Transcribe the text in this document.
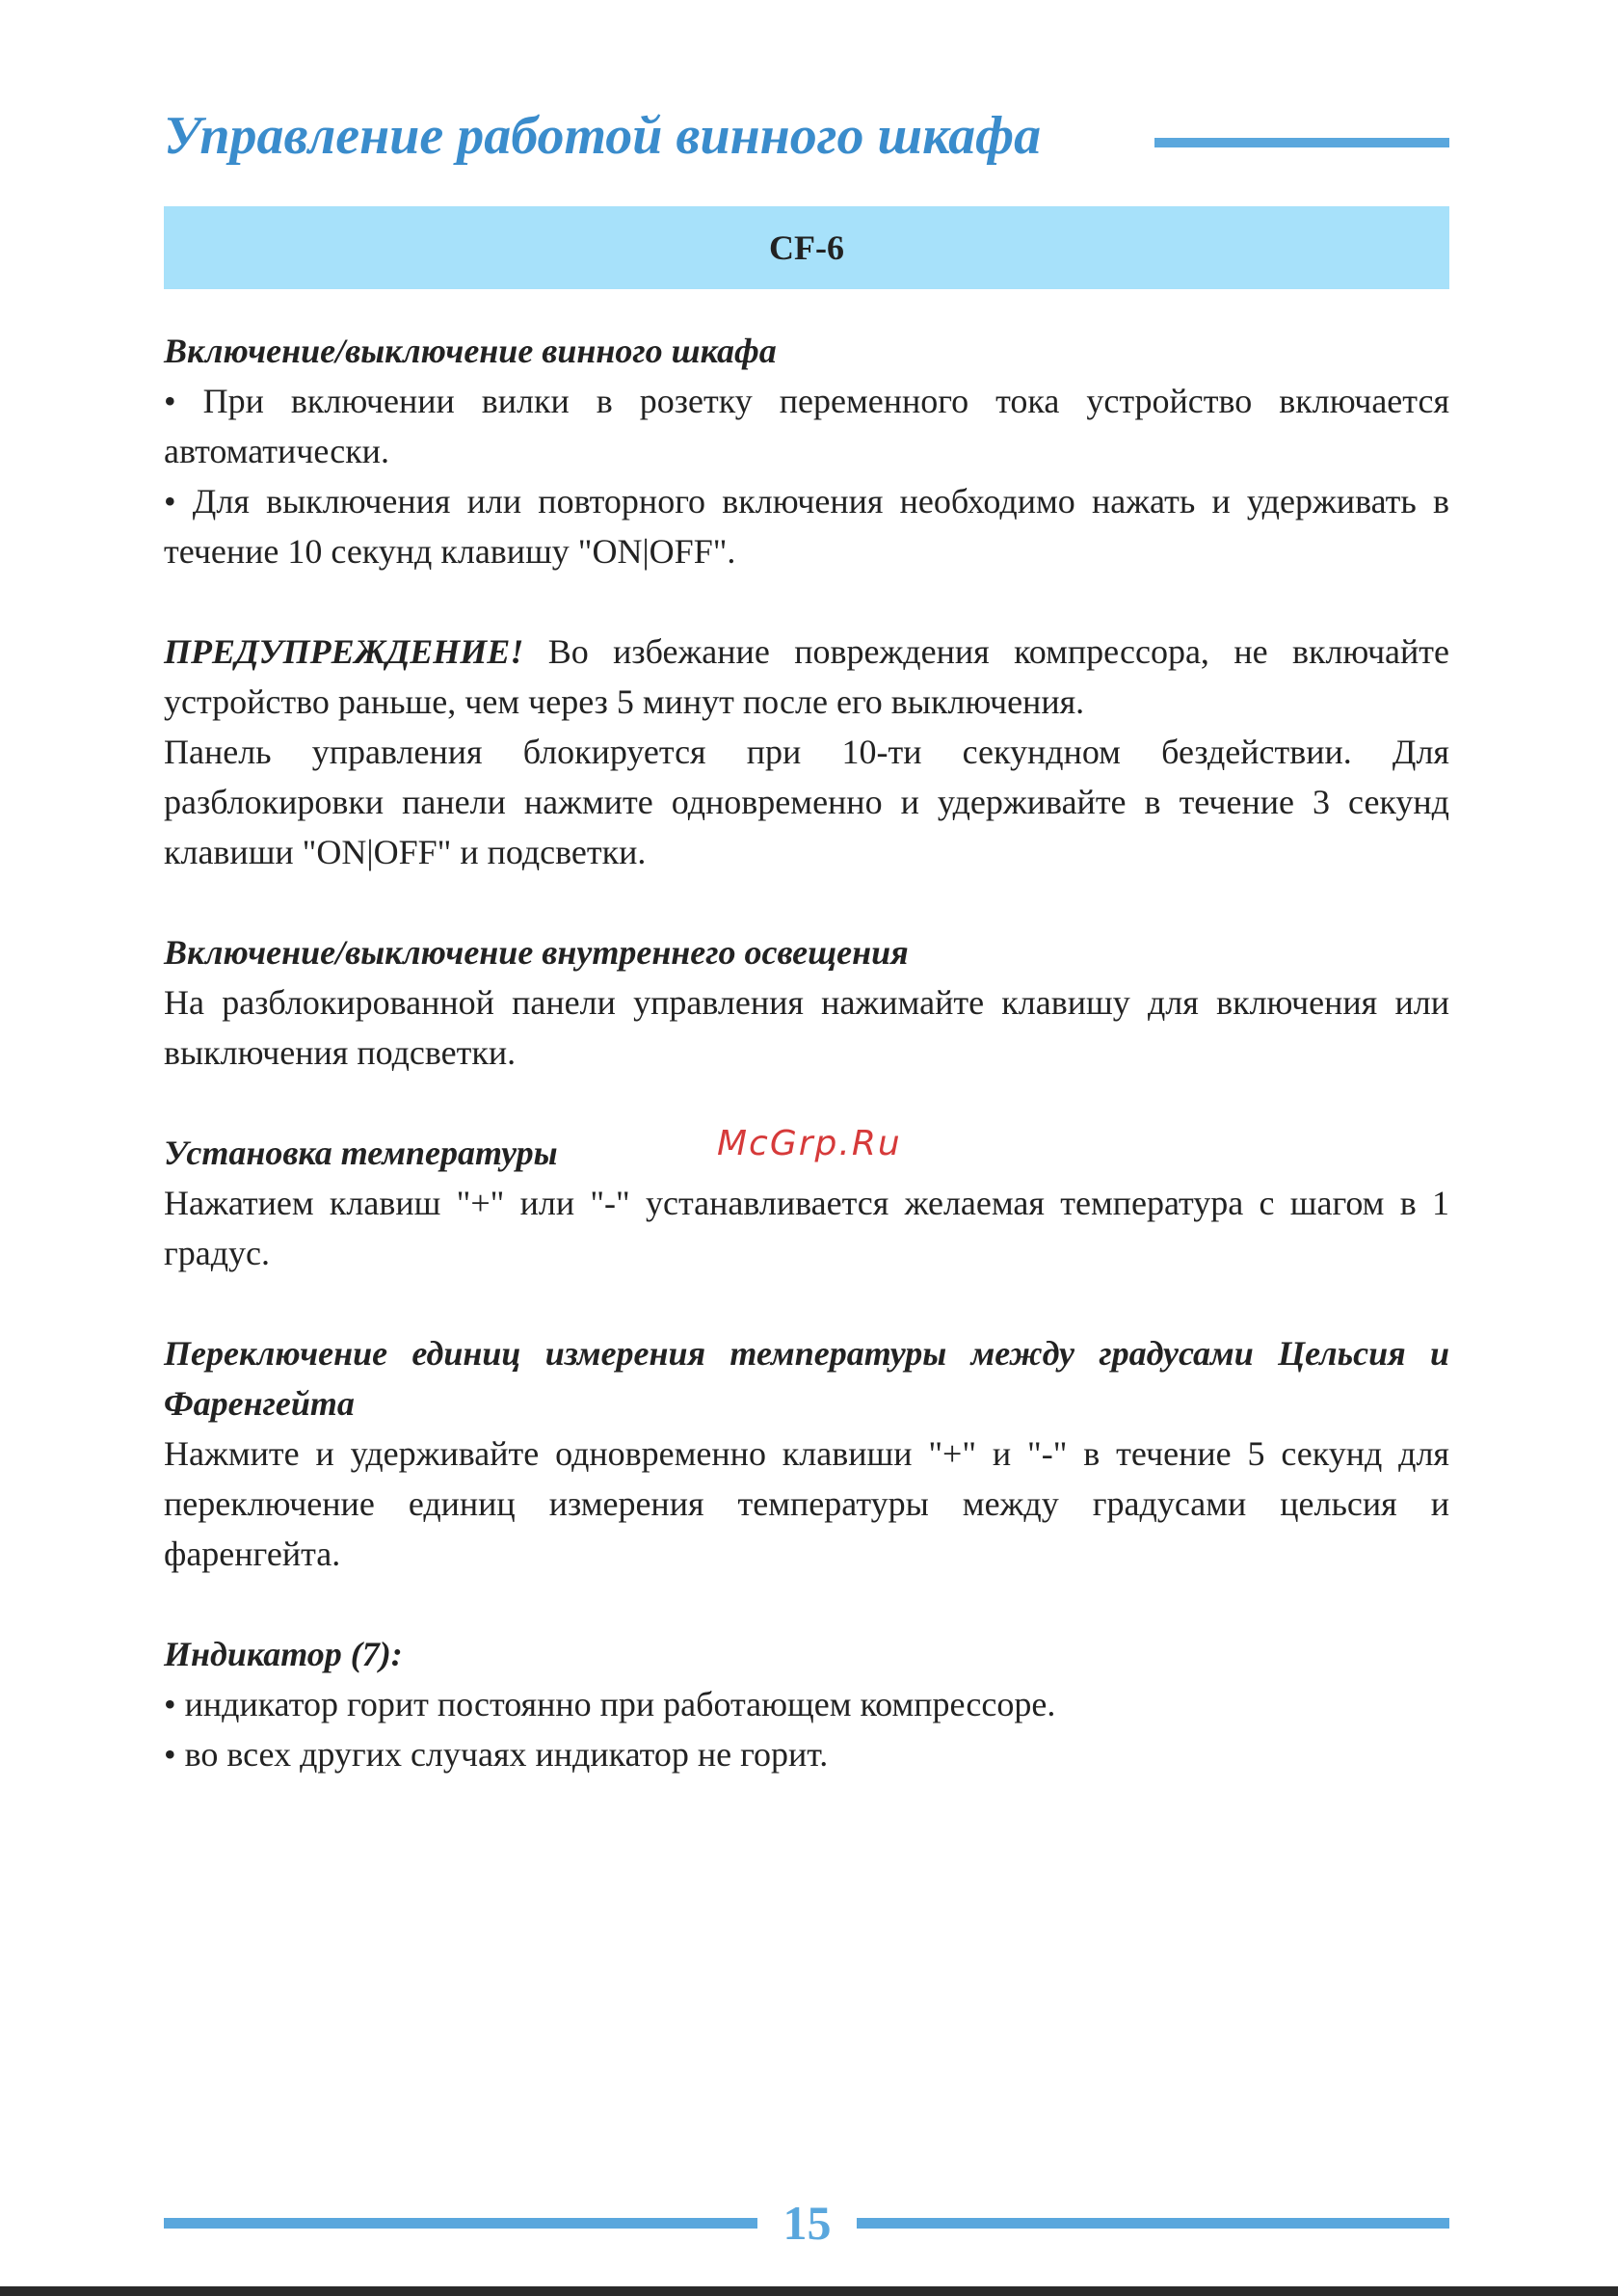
Управление работой винного шкафа
CF-6

Включение/выключение винного шкафа

• При включении вилки в розетку переменного тока устройство включается автоматически.

• Для выключения или повторного включения необходимо нажать и удерживать в течение 10 секунд клавишу "ON|OFF".

ПРЕДУПРЕЖДЕНИЕ! Во избежание повреждения компрессора, не включайте устройство раньше, чем через 5 минут после его выключения.

Панель управления блокируется при 10-ти секундном бездействии. Для разблокировки панели нажмите одновременно и удерживайте в течение 3 секунд клавиши "ON|OFF" и подсветки.

Включение/выключение внутреннего освещения

На разблокированной панели управления нажимайте клавишу для включения или выключения подсветки.

Установка температуры

Нажатием клавиш "+" или "-" устанавливается желаемая температура с шагом в 1 градус.

Переключение единиц измерения температуры между градусами Цельсия и Фаренгейта

Нажмите и удерживайте одновременно клавиши "+" и "-" в течение 5 секунд для переключение единиц измерения температуры между градусами цельсия и фаренгейта.

Индикатор (7):

• индикатор горит постоянно при работающем компрессоре.

• во всех других случаях индикатор не горит.

McGrp.Ru
15
